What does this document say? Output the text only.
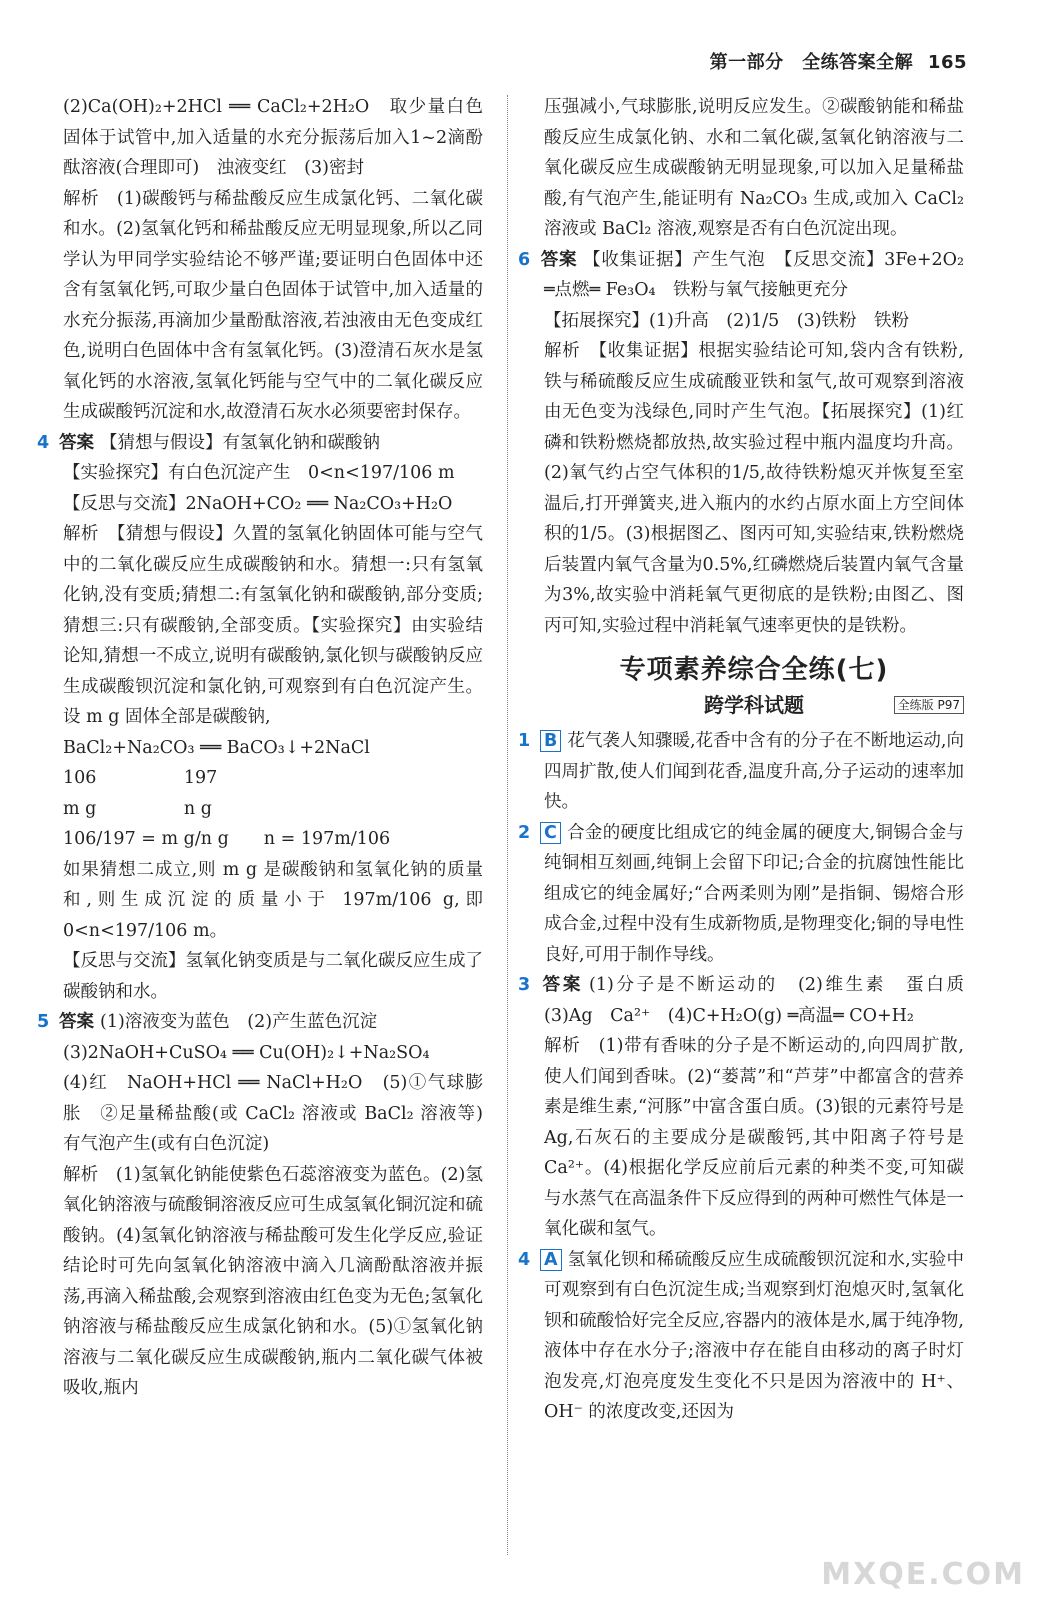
第一部分　全练答案全解 165

(2)Ca(OH)₂+2HCl ══ CaCl₂+2H₂O　取少量白色固体于试管中,加入适量的水充分振荡后加入1~2滴酚酞溶液(合理即可)　浊液变红　(3)密封

解析　(1)碳酸钙与稀盐酸反应生成氯化钙、二氧化碳和水。(2)氢氧化钙和稀盐酸反应无明显现象,所以乙同学认为甲同学实验结论不够严谨;要证明白色固体中还含有氢氧化钙,可取少量白色固体于试管中,加入适量的水充分振荡,再滴加少量酚酞溶液,若浊液由无色变成红色,说明白色固体中含有氢氧化钙。(3)澄清石灰水是氢氧化钙的水溶液,氢氧化钙能与空气中的二氧化碳反应生成碳酸钙沉淀和水,故澄清石灰水必须要密封保存。

4 答案 【猜想与假设】有氢氧化钠和碳酸钠

【实验探究】有白色沉淀产生　0<n<197/106 m

【反思与交流】2NaOH+CO₂ ══ Na₂CO₃+H₂O

解析　【猜想与假设】久置的氢氧化钠固体可能与空气中的二氧化碳反应生成碳酸钠和水。猜想一:只有氢氧化钠,没有变质;猜想二:有氢氧化钠和碳酸钠,部分变质;猜想三:只有碳酸钠,全部变质。【实验探究】由实验结论知,猜想一不成立,说明有碳酸钠,氯化钡与碳酸钠反应生成碳酸钡沉淀和氯化钠,可观察到有白色沉淀产生。设 m g 固体全部是碳酸钠,

BaCl₂+Na₂CO₃ ══ BaCO₃↓+2NaCl
106　　　　　197
m g　　　　　n g
106/197 = m g/n g　　n = 197m/106

如果猜想二成立,则 m g 是碳酸钠和氢氧化钠的质量和,则生成沉淀的质量小于 197m/106 g,即 0<n<197/106 m。

【反思与交流】氢氧化钠变质是与二氧化碳反应生成了碳酸钠和水。

5 答案 (1)溶液变为蓝色　(2)产生蓝色沉淀

(3)2NaOH+CuSO₄ ══ Cu(OH)₂↓+Na₂SO₄

(4)红　NaOH+HCl ══ NaCl+H₂O　(5)①气球膨胀　②足量稀盐酸(或 CaCl₂ 溶液或 BaCl₂ 溶液等)　有气泡产生(或有白色沉淀)

解析　(1)氢氧化钠能使紫色石蕊溶液变为蓝色。(2)氢氧化钠溶液与硫酸铜溶液反应可生成氢氧化铜沉淀和硫酸钠。(4)氢氧化钠溶液与稀盐酸可发生化学反应,验证结论时可先向氢氧化钠溶液中滴入几滴酚酞溶液并振荡,再滴入稀盐酸,会观察到溶液由红色变为无色;氢氧化钠溶液与稀盐酸反应生成氯化钠和水。(5)①氢氧化钠溶液与二氧化碳反应生成碳酸钠,瓶内二氧化碳气体被吸收,瓶内

压强减小,气球膨胀,说明反应发生。②碳酸钠能和稀盐酸反应生成氯化钠、水和二氧化碳,氢氧化钠溶液与二氧化碳反应生成碳酸钠无明显现象,可以加入足量稀盐酸,有气泡产生,能证明有 Na₂CO₃ 生成,或加入 CaCl₂ 溶液或 BaCl₂ 溶液,观察是否有白色沉淀出现。

6 答案 【收集证据】产生气泡　【反思交流】3Fe+2O₂ ═点燃═ Fe₃O₄　铁粉与氧气接触更充分

【拓展探究】(1)升高　(2)1/5　(3)铁粉　铁粉

解析　【收集证据】根据实验结论可知,袋内含有铁粉,铁与稀硫酸反应生成硫酸亚铁和氢气,故可观察到溶液由无色变为浅绿色,同时产生气泡。【拓展探究】(1)红磷和铁粉燃烧都放热,故实验过程中瓶内温度均升高。(2)氧气约占空气体积的1/5,故待铁粉熄灭并恢复至室温后,打开弹簧夹,进入瓶内的水约占原水面上方空间体积的1/5。(3)根据图乙、图丙可知,实验结束,铁粉燃烧后装置内氧气含量为0.5%,红磷燃烧后装置内氧气含量为3%,故实验中消耗氧气更彻底的是铁粉;由图乙、图丙可知,实验过程中消耗氧气速率更快的是铁粉。

专项素养综合全练(七)
跨学科试题	全练版 P97

1 B 花气袭人知骤暖,花香中含有的分子在不断地运动,向四周扩散,使人们闻到花香,温度升高,分子运动的速率加快。

2 C 合金的硬度比组成它的纯金属的硬度大,铜锡合金与纯铜相互刻画,纯铜上会留下印记;合金的抗腐蚀性能比组成它的纯金属好;“合两柔则为刚”是指铜、锡熔合形成合金,过程中没有生成新物质,是物理变化;铜的导电性良好,可用于制作导线。

3 答案 (1)分子是不断运动的　(2)维生素　蛋白质　(3)Ag　Ca²⁺　(4)C+H₂O(g) ═高温═ CO+H₂

解析　(1)带有香味的分子是不断运动的,向四周扩散,使人们闻到香味。(2)“蒌蒿”和“芦芽”中都富含的营养素是维生素,“河豚”中富含蛋白质。(3)银的元素符号是 Ag,石灰石的主要成分是碳酸钙,其中阳离子符号是 Ca²⁺。(4)根据化学反应前后元素的种类不变,可知碳与水蒸气在高温条件下反应得到的两种可燃性气体是一氧化碳和氢气。

4 A 氢氧化钡和稀硫酸反应生成硫酸钡沉淀和水,实验中可观察到有白色沉淀生成;当观察到灯泡熄灭时,氢氧化钡和硫酸恰好完全反应,容器内的液体是水,属于纯净物,液体中存在水分子;溶液中存在能自由移动的离子时灯泡发亮,灯泡亮度发生变化不只是因为溶液中的 H⁺、OH⁻ 的浓度改变,还因为

MXQE.COM
